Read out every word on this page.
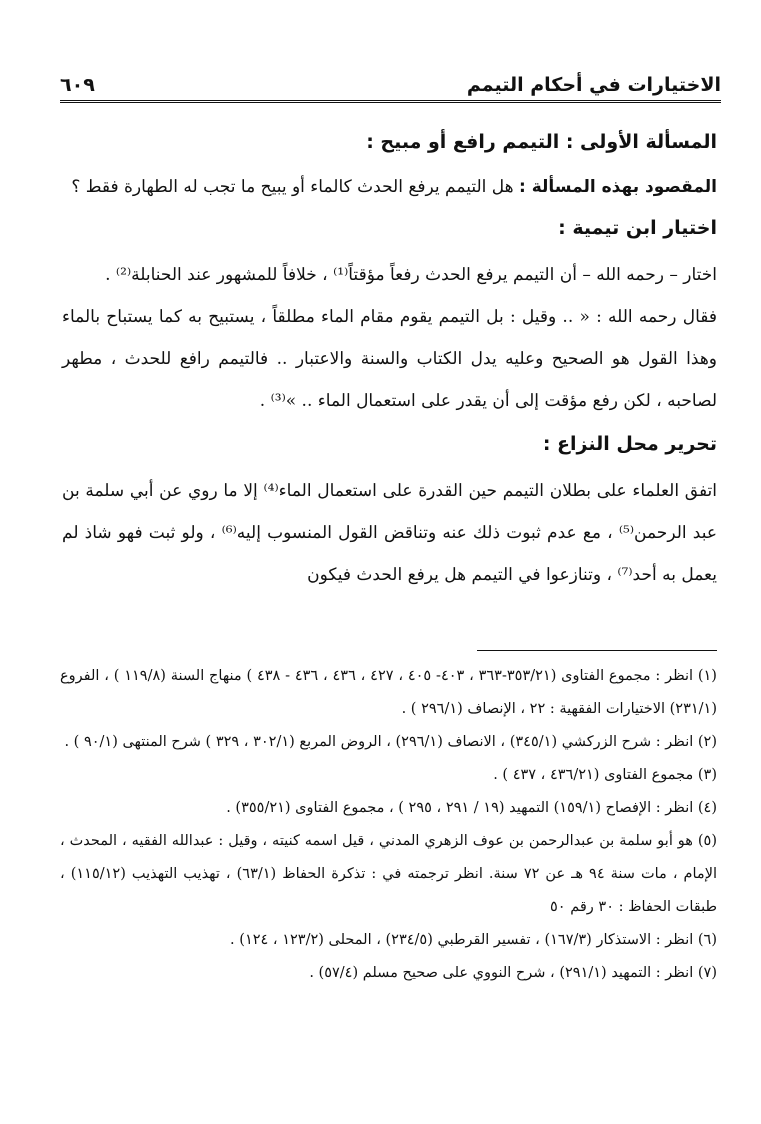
الاختيارات في أحكام التيمم
٦٠٩
المسألة الأولى : التيمم رافع أو مبيح :

المقصود بهذه المسألة : هل التيمم يرفع الحدث كالماء أو يبيح ما تجب له الطهارة فقط ؟

اختيار ابن تيمية :

اختار – رحمه الله – أن التيمم يرفع الحدث رفعاً مؤقتاً⁽¹⁾ ، خلافاً للمشهور عند الحنابلة⁽²⁾ .

فقال رحمه الله : « .. وقيل : بل التيمم يقوم مقام الماء مطلقاً ، يستبيح به كما يستباح بالماء وهذا القول هو الصحيح وعليه يدل الكتاب والسنة والاعتبار .. فالتيمم رافع للحدث ، مطهر لصاحبه ، لكن رفع مؤقت إلى أن يقدر على استعمال الماء .. »⁽³⁾ .

تحرير محل النزاع :

اتفق العلماء على بطلان التيمم حين القدرة على استعمال الماء⁽⁴⁾ إلا ما روي عن أبي سلمة بن عبد الرحمن⁽⁵⁾ ، مع عدم ثبوت ذلك عنه وتناقض القول المنسوب إليه⁽⁶⁾ ، ولو ثبت فهو شاذ لم يعمل به أحد⁽⁷⁾ ، وتنازعوا في التيمم هل يرفع الحدث فيكون

(١) انظر : مجموع الفتاوى (٣٥٣/٢١-٣٦٣ ، ٤٠٣- ٤٠٥ ، ٤٢٧ ، ٤٣٦ ، ٤٣٦ - ٤٣٨ ) منهاج السنة (١١٩/٨ ) ، الفروع (٢٣١/١) الاختيارات الفقهية : ٢٢ ، الإنصاف (٢٩٦/١ ) .

(٢) انظر : شرح الزركشي (٣٤٥/١) ، الانصاف (٢٩٦/١) ، الروض المربع (٣٠٢/١ ، ٣٢٩ ) شرح المنتهى (٩٠/١ ) .

(٣) مجموع الفتاوى (٤٣٦/٢١ ، ٤٣٧ ) .

(٤) انظر : الإفصاح (١٥٩/١) التمهيد (١٩ / ٢٩١ ، ٢٩٥ ) ، مجموع الفتاوى (٣٥٥/٢١) .

(٥) هو أبو سلمة بن عبدالرحمن بن عوف الزهري المدني ، قيل اسمه كنيته ، وقيل : عبدالله الفقيه ، المحدث ، الإمام ، مات سنة ٩٤ هـ عن ٧٢ سنة. انظر ترجمته في : تذكرة الحفاظ (٦٣/١) ، تهذيب التهذيب (١١٥/١٢) ، طبقات الحفاظ : ٣٠ رقم ٥٠

(٦) انظر : الاستذكار (١٦٧/٣) ، تفسير القرطبي (٢٣٤/٥) ، المحلى (١٢٣/٢ ، ١٢٤) .

(٧) انظر : التمهيد (٢٩١/١) ، شرح النووي على صحيح مسلم (٥٧/٤) .
